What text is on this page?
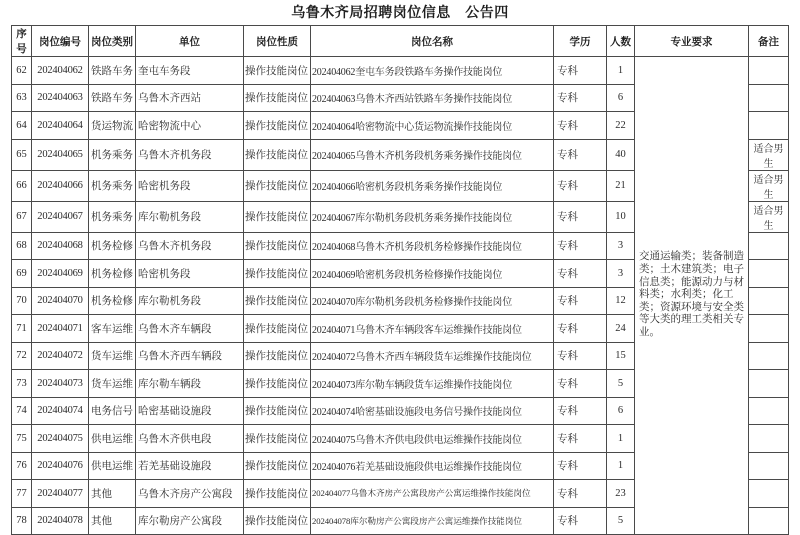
乌鲁木齐局招聘岗位信息　公告四
序号	岗位编号	岗位类别	单位	岗位性质	岗位名称	学历	人数	专业要求	备注
62	202404062	铁路车务	奎屯车务段	操作技能岗位	202404062奎屯车务段铁路车务操作技能岗位	专科	1	交通运输类；装备制造类；土木建筑类；电子信息类；能源动力与材料类；水利类；化工类；资源环境与安全类等大类的理工类相关专业。	
63	202404063	铁路车务	乌鲁木齐西站	操作技能岗位	202404063乌鲁木齐西站铁路车务操作技能岗位	专科	6		
64	202404064	货运物流	哈密物流中心	操作技能岗位	202404064哈密物流中心货运物流操作技能岗位	专科	22		
65	202404065	机务乘务	乌鲁木齐机务段	操作技能岗位	202404065乌鲁木齐机务段机务乘务操作技能岗位	专科	40		适合男生
66	202404066	机务乘务	哈密机务段	操作技能岗位	202404066哈密机务段机务乘务操作技能岗位	专科	21		适合男生
67	202404067	机务乘务	库尔勒机务段	操作技能岗位	202404067库尔勒机务段机务乘务操作技能岗位	专科	10		适合男生
68	202404068	机务检修	乌鲁木齐机务段	操作技能岗位	202404068乌鲁木齐机务段机务检修操作技能岗位	专科	3		
69	202404069	机务检修	哈密机务段	操作技能岗位	202404069哈密机务段机务检修操作技能岗位	专科	3		
70	202404070	机务检修	库尔勒机务段	操作技能岗位	202404070库尔勒机务段机务检修操作技能岗位	专科	12		
71	202404071	客车运维	乌鲁木齐车辆段	操作技能岗位	202404071乌鲁木齐车辆段客车运维操作技能岗位	专科	24		
72	202404072	货车运维	乌鲁木齐西车辆段	操作技能岗位	202404072乌鲁木齐西车辆段货车运维操作技能岗位	专科	15		
73	202404073	货车运维	库尔勒车辆段	操作技能岗位	202404073库尔勒车辆段货车运维操作技能岗位	专科	5		
74	202404074	电务信号	哈密基础设施段	操作技能岗位	202404074哈密基础设施段电务信号操作技能岗位	专科	6		
75	202404075	供电运维	乌鲁木齐供电段	操作技能岗位	202404075乌鲁木齐供电段供电运维操作技能岗位	专科	1		
76	202404076	供电运维	若羌基础设施段	操作技能岗位	202404076若羌基础设施段供电运维操作技能岗位	专科	1		
77	202404077	其他	乌鲁木齐房产公寓段	操作技能岗位	202404077乌鲁木齐房产公寓段房产公寓运维操作技能岗位	专科	23		
78	202404078	其他	库尔勒房产公寓段	操作技能岗位	202404078库尔勒房产公寓段房产公寓运维操作技能岗位	专科	5		
